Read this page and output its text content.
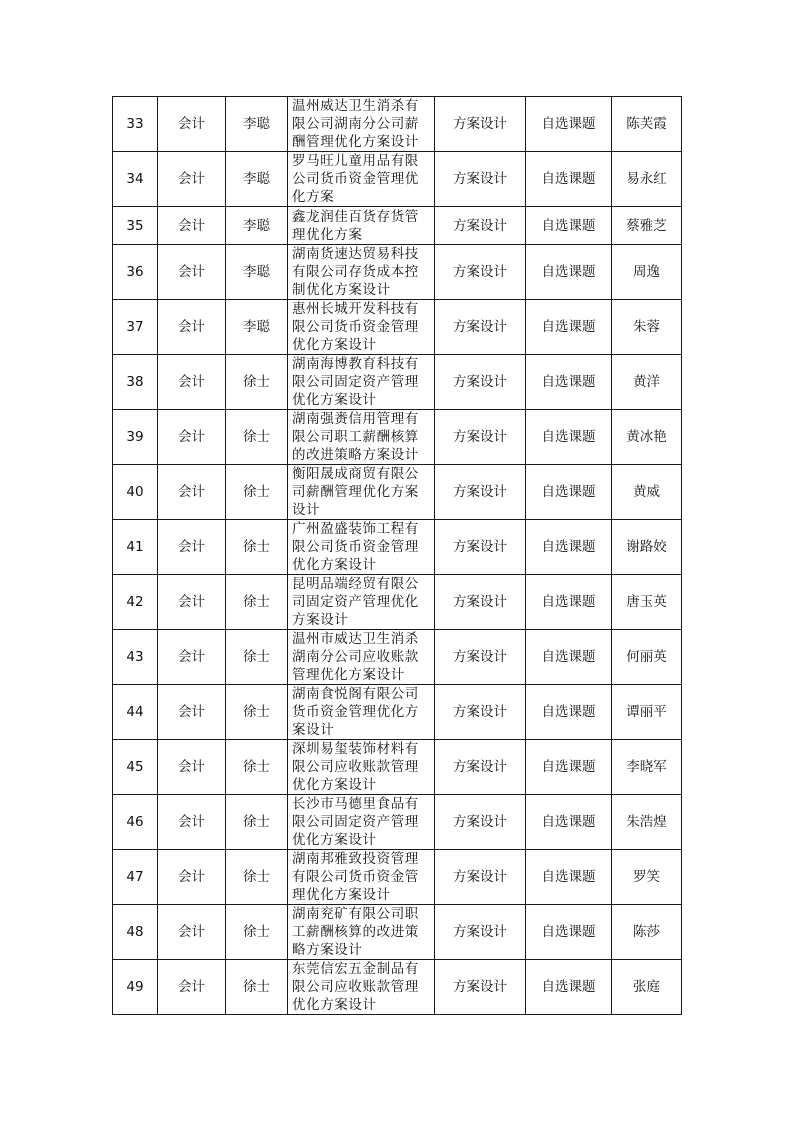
33	会计	李聪	温州威达卫生消杀有
限公司湖南分公司薪
酬管理优化方案设计	方案设计	自选课题	陈芙霞
34	会计	李聪	罗马旺儿童用品有限
公司货币资金管理优
化方案	方案设计	自选课题	易永红
35	会计	李聪	鑫龙润佳百货存货管
理优化方案	方案设计	自选课题	蔡雅芝
36	会计	李聪	湖南货速达贸易科技
有限公司存货成本控
制优化方案设计	方案设计	自选课题	周逸
37	会计	李聪	惠州长城开发科技有
限公司货币资金管理
优化方案设计	方案设计	自选课题	朱蓉
38	会计	徐士	湖南海博教育科技有
限公司固定资产管理
优化方案设计	方案设计	自选课题	黄洋
39	会计	徐士	湖南强赉信用管理有
限公司职工薪酬核算
的改进策略方案设计	方案设计	自选课题	黄冰艳
40	会计	徐士	衡阳晟成商贸有限公
司薪酬管理优化方案
设计	方案设计	自选课题	黄威
41	会计	徐士	广州盈盛装饰工程有
限公司货币资金管理
优化方案设计	方案设计	自选课题	谢路姣
42	会计	徐士	昆明品端经贸有限公
司固定资产管理优化
方案设计	方案设计	自选课题	唐玉英
43	会计	徐士	温州市威达卫生消杀
湖南分公司应收账款
管理优化方案设计	方案设计	自选课题	何丽英
44	会计	徐士	湖南食悦阁有限公司
货币资金管理优化方
案设计	方案设计	自选课题	谭丽平
45	会计	徐士	深圳易玺装饰材料有
限公司应收账款管理
优化方案设计	方案设计	自选课题	李晓军
46	会计	徐士	长沙市马德里食品有
限公司固定资产管理
优化方案设计	方案设计	自选课题	朱浩煌
47	会计	徐士	湖南邦雅致投资管理
有限公司货币资金管
理优化方案设计	方案设计	自选课题	罗笑
48	会计	徐士	湖南兖矿有限公司职
工薪酬核算的改进策
略方案设计	方案设计	自选课题	陈莎
49	会计	徐士	东莞信宏五金制品有
限公司应收账款管理
优化方案设计	方案设计	自选课题	张庭
